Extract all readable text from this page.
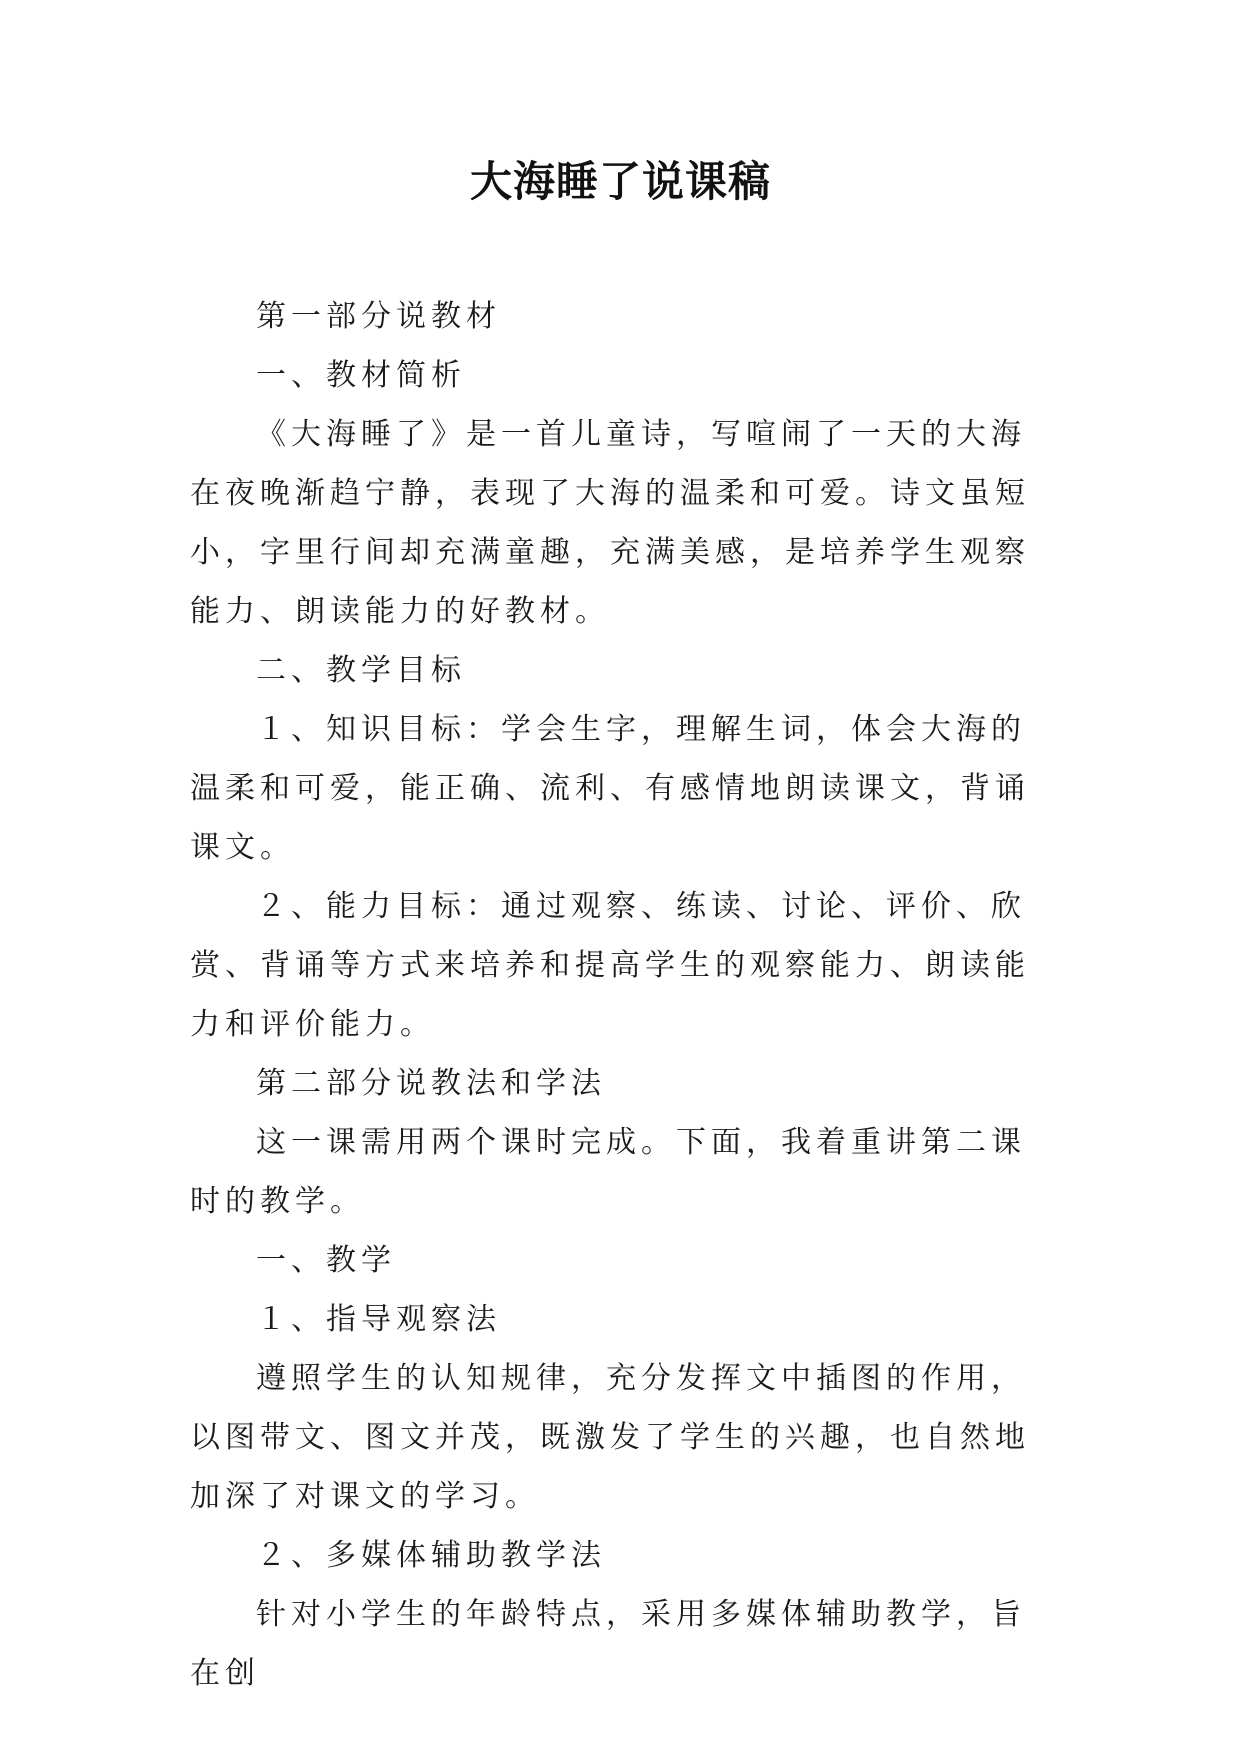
大海睡了说课稿

第一部分说教材

一、教材简析

《大海睡了》是一首儿童诗，写喧闹了一天的大海在夜晚渐趋宁静，表现了大海的温柔和可爱。诗文虽短小，字里行间却充满童趣，充满美感，是培养学生观察能力、朗读能力的好教材。

二、教学目标

１、知识目标：学会生字，理解生词，体会大海的温柔和可爱，能正确、流利、有感情地朗读课文，背诵课文。

２、能力目标：通过观察、练读、讨论、评价、欣赏、背诵等方式来培养和提高学生的观察能力、朗读能力和评价能力。

第二部分说教法和学法

这一课需用两个课时完成。下面，我着重讲第二课时的教学。

一、教学

１、指导观察法

遵照学生的认知规律，充分发挥文中插图的作用，以图带文、图文并茂，既激发了学生的兴趣，也自然地加深了对课文的学习。

２、多媒体辅助教学法

针对小学生的年龄特点，采用多媒体辅助教学，旨在创
